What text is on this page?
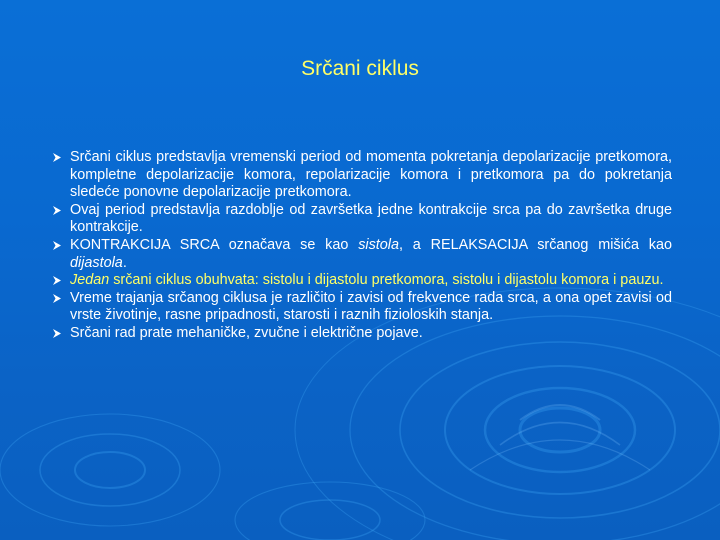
Srčani ciklus
Srčani ciklus predstavlja vremenski period od momenta pokretanja depolarizacije pretkomora, kompletne depolarizacije komora, repolarizacije komora i pretkomora pa do pokretanja sledeće ponovne depolarizacije pretkomora.
Ovaj period predstavlja razdoblje od završetka jedne kontrakcije srca pa do završetka druge kontrakcije.
KONTRAKCIJA SRCA označava se kao sistola, a RELAKSACIJA srčanog mišića kao dijastola.
Jedan srčani ciklus obuhvata: sistolu i dijastolu pretkomora, sistolu i dijastolu komora i pauzu.
Vreme trajanja srčanog ciklusa je različito i zavisi od frekvence rada srca, a ona opet zavisi od vrste životinje, rasne pripadnosti, starosti i raznih fizioloskih stanja.
Srčani rad prate mehaničke, zvučne i električne pojave.
